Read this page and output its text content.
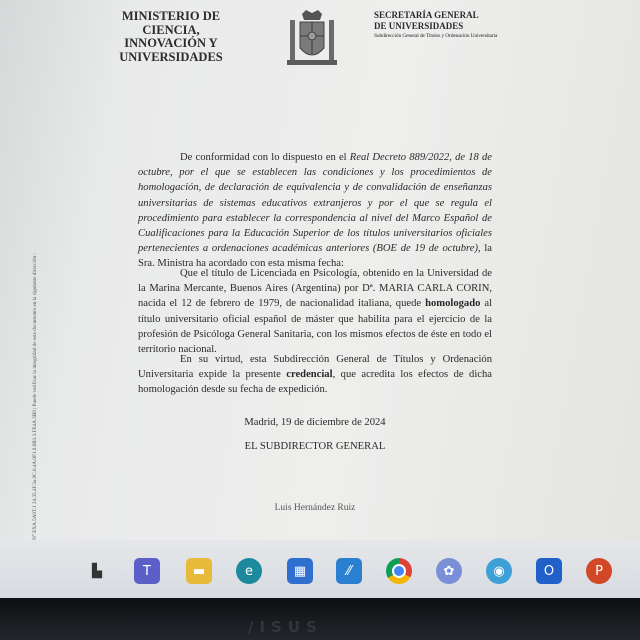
MINISTERIO DE CIENCIA,
INNOVACIÓN Y
UNIVERSIDADES
SECRETARÍA GENERAL
DE UNIVERSIDADES
Subdirección General de Títulos y Ordenación Universitaria

De conformidad con lo dispuesto en el Real Decreto 889/2022, de 18 de octubre, por el que se establecen las condiciones y los procedimientos de homologación, de declaración de equivalencia y de convalidación de enseñanzas universitarias de sistemas educativos extranjeros y por el que se regula el procedimiento para establecer la correspondencia al nivel del Marco Español de Cualificaciones para la Educación Superior de los títulos universitarios oficiales pertenecientes a ordenaciones académicas anteriores (BOE de 19 de octubre), la Sra. Ministra ha acordado con esta misma fecha:

Que el título de Licenciada en Psicología, obtenido en la Universidad de la Marina Mercante, Buenos Aires (Argentina) por Dª. MARIA CARLA CORIN, nacida el 12 de febrero de 1979, de nacionalidad italiana, quede homologado al título universitario oficial español de máster que habilita para el ejercicio de la profesión de Psicóloga General Sanitaria, con los mismos efectos de éste en todo el territorio nacional.

En su virtud, esta Subdirección General de Títulos y Ordenación Universitaria expide la presente credencial, que acredita los efectos de dicha homologación desde su fecha de expedición.

Madrid, 19 de diciembre de 2024
EL SUBDIRECTOR GENERAL
Luis Hernández Ruiz
N° EXA.5A0T.1 24.35.4F.3a.0C.6.4A.0F1.0.8B1.3.FE4A.3B0 | Puede verificar la integridad de este documento en la siguiente dirección :
▙	T	▬	e	▦	⁄⁄	✿	◉	O	P
/ISUS
